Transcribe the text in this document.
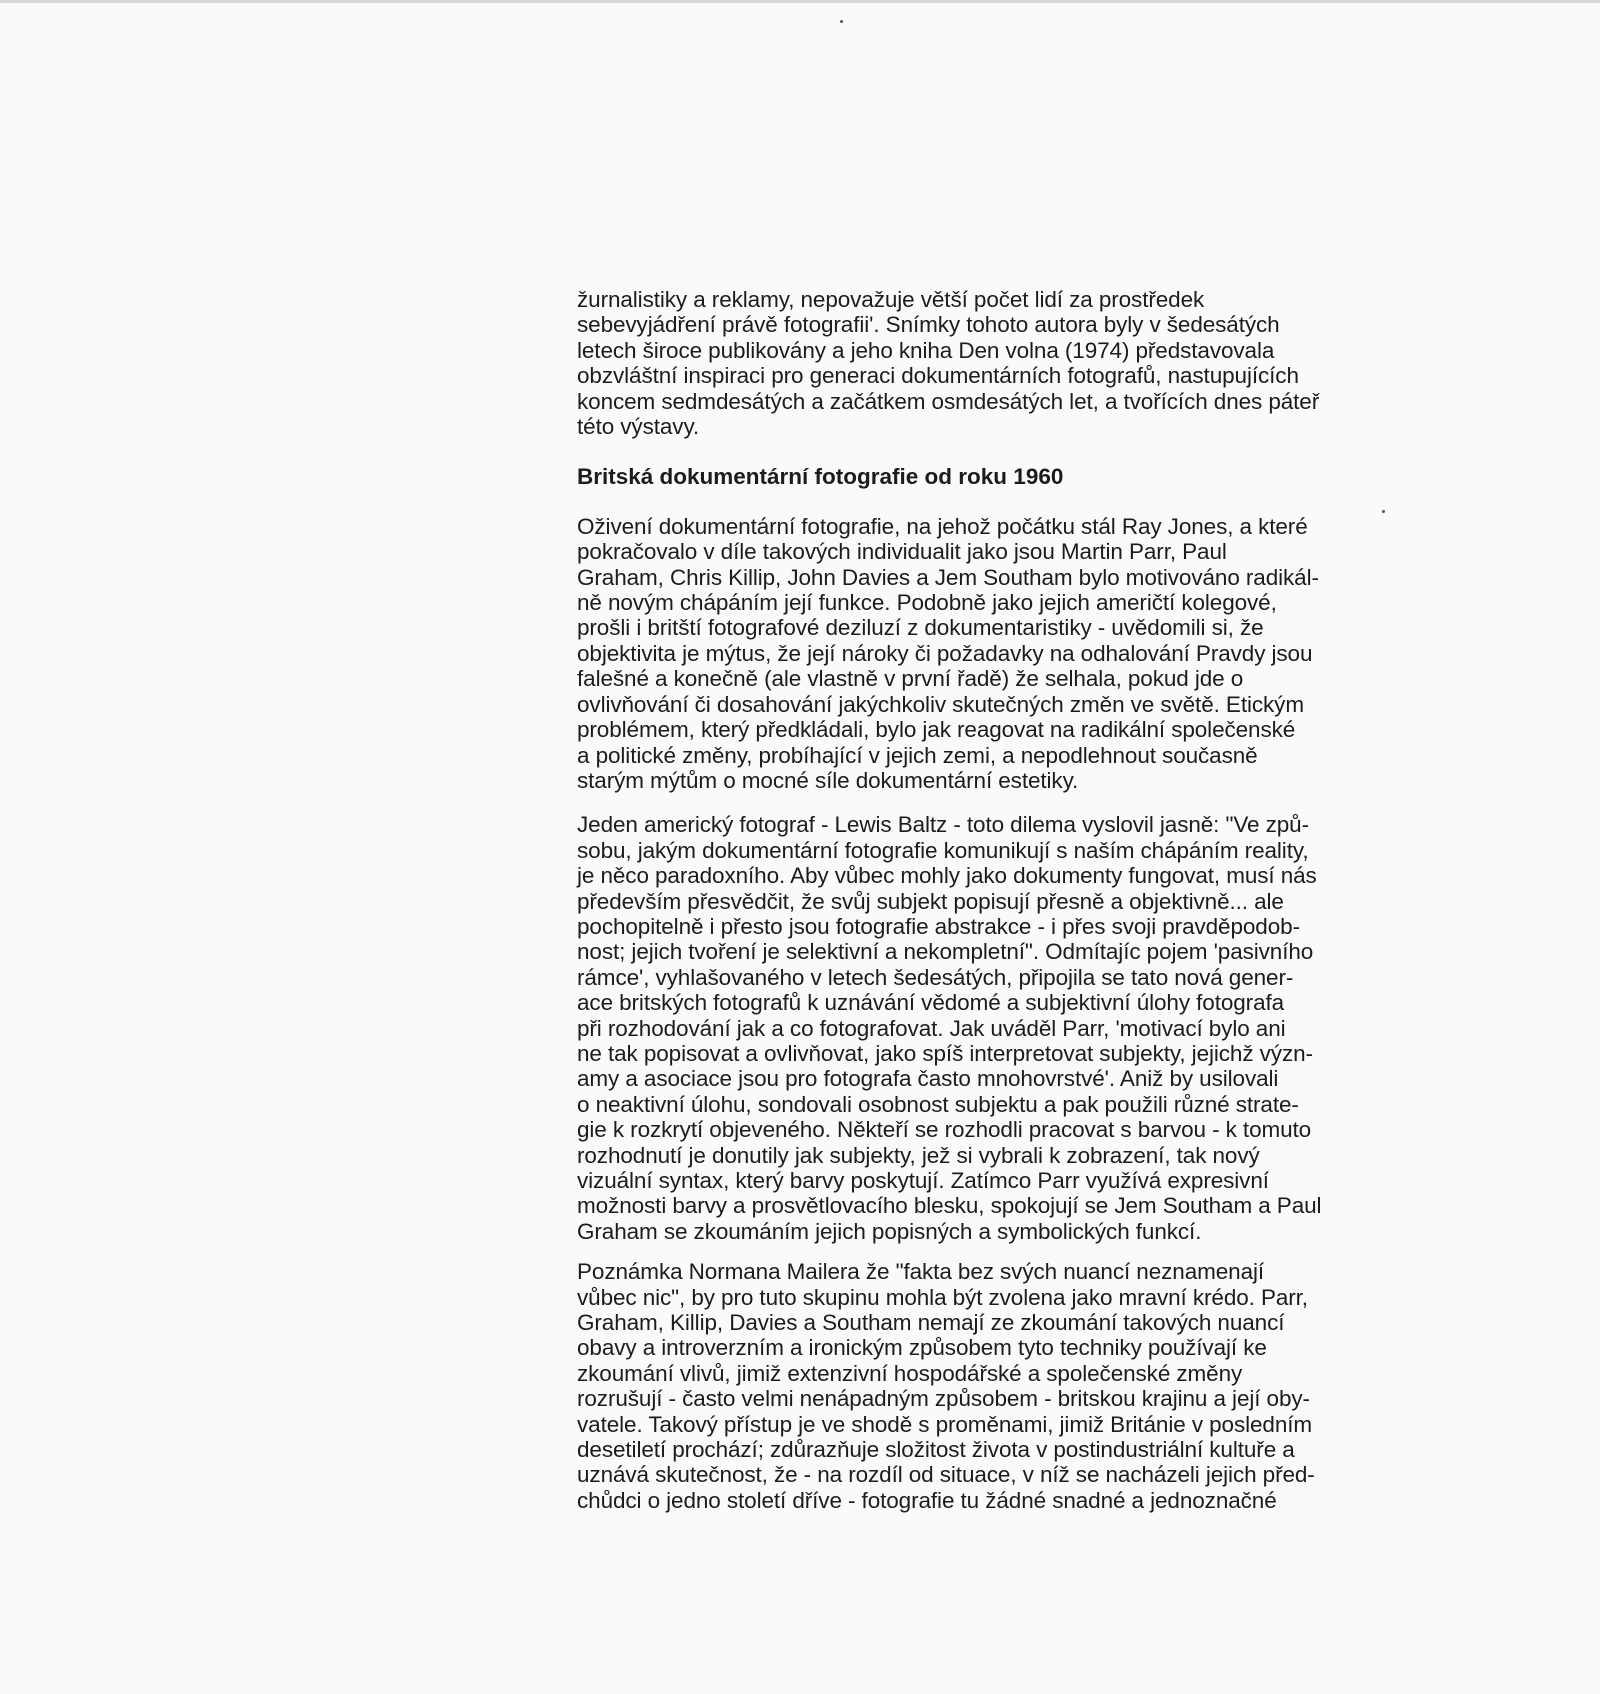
žurnalistiky a reklamy, nepovažuje větší počet lidí za prostředek
sebevyjádření právě fotografii'. Snímky tohoto autora byly v šedesátých
letech široce publikovány a jeho kniha Den volna (1974) představovala
obzvláštní inspiraci pro generaci dokumentárních fotografů, nastupujících
koncem sedmdesátých a začátkem osmdesátých let, a tvořících dnes páteř
této výstavy.

Britská dokumentární fotografie od roku 1960

Oživení dokumentární fotografie, na jehož počátku stál Ray Jones, a které
pokračovalo v díle takových individualit jako jsou Martin Parr, Paul
Graham, Chris Killip, John Davies a Jem Southam bylo motivováno radikál-
ně novým chápáním její funkce. Podobně jako jejich američtí kolegové,
prošli i britští fotografové deziluzí z dokumentaristiky - uvědomili si, že
objektivita je mýtus, že její nároky či požadavky na odhalování Pravdy jsou
falešné a konečně (ale vlastně v první řadě) že selhala, pokud jde o
ovlivňování či dosahování jakýchkoliv skutečných změn ve světě. Etickým
problémem, který předkládali, bylo jak reagovat na radikální společenské
a politické změny, probíhající v jejich zemi, a nepodlehnout současně
starým mýtům o mocné síle dokumentární estetiky.

Jeden americký fotograf - Lewis Baltz - toto dilema vyslovil jasně: "Ve způ-
sobu, jakým dokumentární fotografie komunikují s naším chápáním reality,
je něco paradoxního. Aby vůbec mohly jako dokumenty fungovat, musí nás
především přesvědčit, že svůj subjekt popisují přesně a objektivně... ale
pochopitelně i přesto jsou fotografie abstrakce - i přes svoji pravděpodob-
nost; jejich tvoření je selektivní a nekompletní". Odmítajíc pojem 'pasivního
rámce', vyhlašovaného v letech šedesátých, připojila se tato nová gener-
ace britských fotografů k uznávání vědomé a subjektivní úlohy fotografa
při rozhodování jak a co fotografovat. Jak uváděl Parr, 'motivací bylo ani
ne tak popisovat a ovlivňovat, jako spíš interpretovat subjekty, jejichž význ-
amy a asociace jsou pro fotografa často mnohovrstvé'. Aniž by usilovali
o neaktivní úlohu, sondovali osobnost subjektu a pak použili různé strate-
gie k rozkrytí objeveného. Někteří se rozhodli pracovat s barvou - k tomuto
rozhodnutí je donutily jak subjekty, jež si vybrali k zobrazení, tak nový
vizuální syntax, který barvy poskytují. Zatímco Parr využívá expresivní
možnosti barvy a prosvětlovacího blesku, spokojují se Jem Southam a Paul
Graham se zkoumáním jejich popisných a symbolických funkcí.

Poznámka Normana Mailera že "fakta bez svých nuancí neznamenají
vůbec nic", by pro tuto skupinu mohla být zvolena jako mravní krédo. Parr,
Graham, Killip, Davies a Southam nemají ze zkoumání takových nuancí
obavy a introverzním a ironickým způsobem tyto techniky používají ke
zkoumání vlivů, jimiž extenzivní hospodářské a společenské změny
rozrušují - často velmi nenápadným způsobem - britskou krajinu a její oby-
vatele. Takový přístup je ve shodě s proměnami, jimiž Británie v posledním
desetiletí prochází; zdůrazňuje složitost života v postindustriální kultuře a
uznává skutečnost, že - na rozdíl od situace, v níž se nacházeli jejich před-
chůdci o jedno století dříve - fotografie tu žádné snadné a jednoznačné
